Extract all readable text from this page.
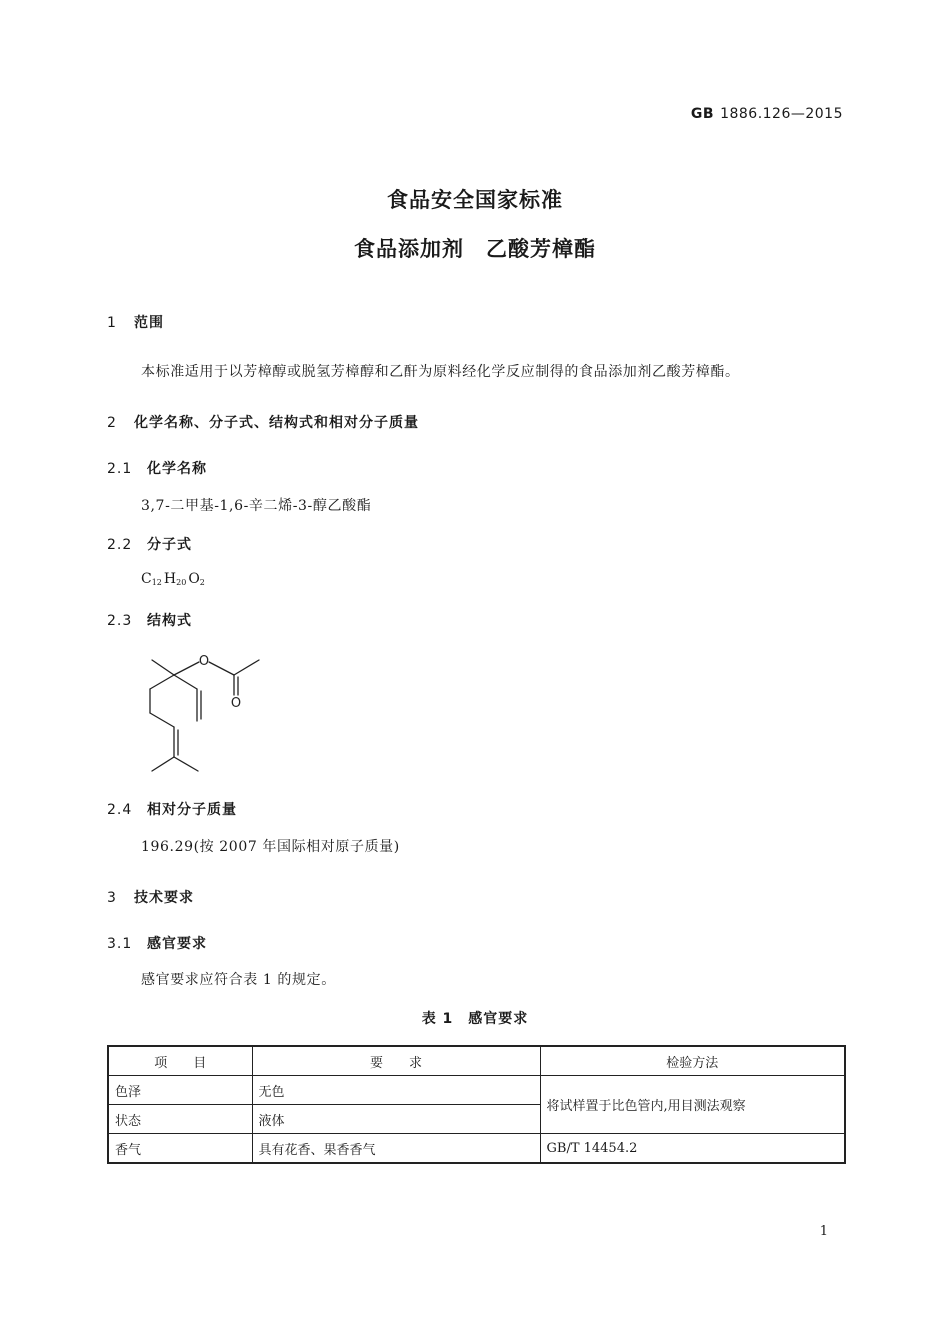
GB 1886.126—2015
食品安全国家标准
食品添加剂　乙酸芳樟酯
1 范围
本标准适用于以芳樟醇或脱氢芳樟醇和乙酐为原料经化学反应制得的食品添加剂乙酸芳樟酯。
2 化学名称、分子式、结构式和相对分子质量
2.1 化学名称
3,7-二甲基-1,6-辛二烯-3-醇乙酸酯
2.2 分子式
$C_{12}$ $H_{20}$ $O_2$
2.3 结构式
O
O
2.4 相对分子质量
196.29(按 2007 年国际相对原子质量)
3 技术要求
3.1 感官要求
感官要求应符合表 1 的规定。
表 1　感官要求
项　　目	要　　求	检验方法
色泽	无色	将试样置于比色管内,用目测法观察
状态	液体	
香气	具有花香、果香香气	GB/T 14454.2
1
